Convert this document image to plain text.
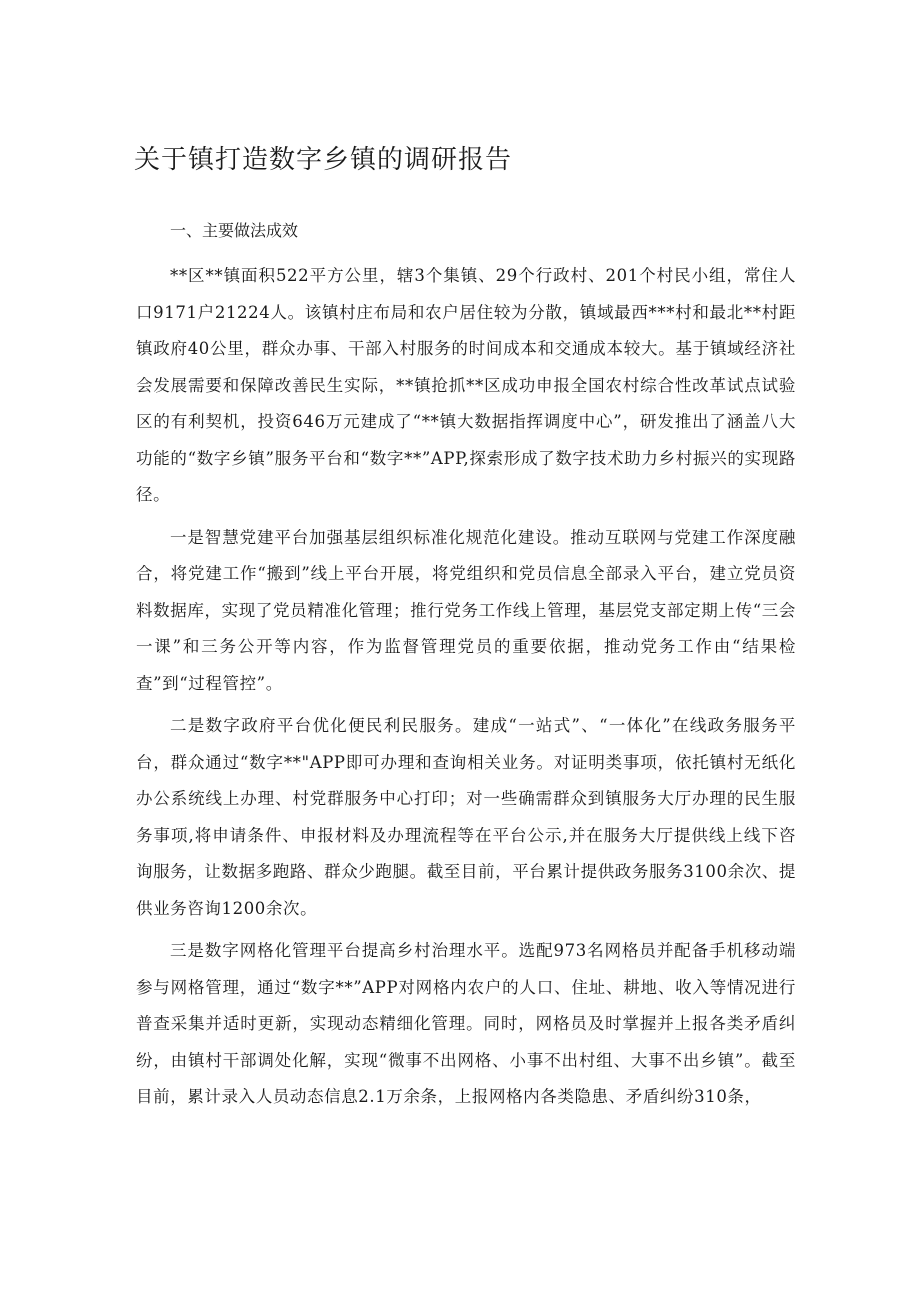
关于镇打造数字乡镇的调研报告

一、主要做法成效

**区**镇面积522平方公里，辖3个集镇、29个行政村、201个村民小组，常住人口9171户21224人。该镇村庄布局和农户居住较为分散，镇域最西***村和最北**村距镇政府40公里，群众办事、干部入村服务的时间成本和交通成本较大。基于镇域经济社会发展需要和保障改善民生实际，**镇抢抓**区成功申报全国农村综合性改革试点试验区的有利契机，投资646万元建成了“**镇大数据指挥调度中心”，研发推出了涵盖八大功能的“数字乡镇”服务平台和“数字**”APP,探索形成了数字技术助力乡村振兴的实现路径。

一是智慧党建平台加强基层组织标准化规范化建设。推动互联网与党建工作深度融合，将党建工作“搬到”线上平台开展，将党组织和党员信息全部录入平台，建立党员资料数据库，实现了党员精准化管理；推行党务工作线上管理，基层党支部定期上传“三会一课”和三务公开等内容，作为监督管理党员的重要依据，推动党务工作由“结果检查”到“过程管控”。

二是数字政府平台优化便民利民服务。建成“一站式”、“一体化”在线政务服务平台，群众通过“数字**"APP即可办理和查询相关业务。对证明类事项，依托镇村无纸化办公系统线上办理、村党群服务中心打印；对一些确需群众到镇服务大厅办理的民生服务事项,将申请条件、申报材料及办理流程等在平台公示,并在服务大厅提供线上线下咨询服务，让数据多跑路、群众少跑腿。截至目前，平台累计提供政务服务3100余次、提供业务咨询1200余次。

三是数字网格化管理平台提高乡村治理水平。选配973名网格员并配备手机移动端参与网格管理，通过“数字**”APP对网格内农户的人口、住址、耕地、收入等情况进行普查采集并适时更新，实现动态精细化管理。同时，网格员及时掌握并上报各类矛盾纠纷，由镇村干部调处化解，实现“微事不出网格、小事不出村组、大事不出乡镇”。截至目前，累计录入人员动态信息2.1万余条，上报网格内各类隐患、矛盾纠纷310条，
